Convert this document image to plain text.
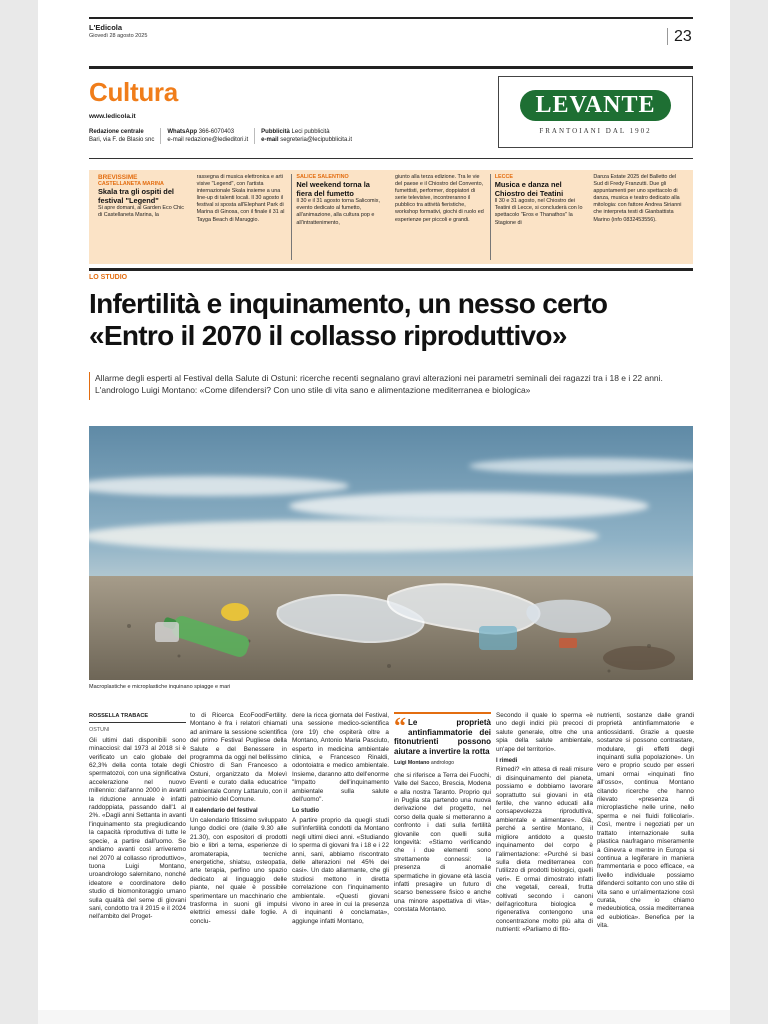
L'Edicola
Giovedì 28 agosto 2025	23
Cultura
www.ledicola.it
Redazione centrale
Bari, via F. de Blasio snc
WhatsApp 366-6070403
e-mail redazione@ledieditori.it
Pubblicità Leci pubblicità
e-mail segreteria@lecipubblicita.it
LEVANTE
FRANTOIANI DAL 1902
BREVISSIME
CASTELLANETA MARINA
Skala tra gli ospiti del festival "Legend"
Si apre domani, al Garden Eco Chic di Castellaneta Marina, la
rassegna di musica elettronica e arti visive "Legend", con l'artista internazionale Skala insieme a una line-up di talenti locali. Il 30 agosto il festival si sposta all'Elephant Park di Marina di Ginosa, con il finale il 31 al Tayga Beach di Maruggio.
SALICE SALENTINO
Nel weekend torna la fiera del fumetto
Il 30 e il 31 agosto torna Salicomix, evento dedicato al fumetto, all'animazione, alla cultura pop e all'intrattenimento,
giunto alla terza edizione. Tra le vie del paese e il Chiostro del Convento, fumettisti, performer, doppiatori di serie televisive, incontreranno il pubblico tra attività fieristiche, workshop formativi, giochi di ruolo ed esperienze per piccoli e grandi.
LECCE
Musica e danza nel Chiostro dei Teatini
Il 30 e 31 agosto, nel Chiostro dei Teatini di Lecce, si concluderà con lo spettacolo "Eros e Thanathos" la Stagione di
Danza Estate 2025 del Balletto del Sud di Fredy Franzutti. Due gli appuntamenti per uno spettacolo di danza, musica e teatro dedicato alla mitologia: con fattore Andrea Sirianni che interpreta testi di Gianbattista Marino (info 0832453556).
LO STUDIO
Infertilità e inquinamento, un nesso certo
«Entro il 2070 il collasso riproduttivo»
Allarme degli esperti al Festival della Salute di Ostuni: ricerche recenti segnalano gravi alterazioni nei parametri seminali dei ragazzi tra i 18 e i 22 anni. L'andrologo Luigi Montano: «Come difendersi? Con uno stile di vita sano e alimentazione mediterranea e biologica»
Macroplastiche e microplastiche inquinano spiagge e mari
ROSSELLA TRABACE
OSTUNI

Gli ultimi dati disponibili sono minacciosi: dal 1973 al 2018 si è verificato un calo globale del 62,3% della conta totale degli spermatozoi, con una significativa accelerazione nel nuovo millennio: dall'anno 2000 in avanti la riduzione annuale è infatti raddoppiata, passando dall'1 al 2%. «Dagli anni Settanta in avanti l'inquinamento sta pregiudicando la capacità riproduttiva di tutte le specie, a partire dall'uomo. Se andiamo avanti così arriveremo nel 2070 al collasso riproduttivo», tuona Luigi Montano, uroandrologo salernitano, nonché ideatore e coordinatore dello studio di biomonitoraggio umano sulla qualità del seme di giovani sani, condotto tra il 2015 e il 2024 nell'ambito del Proget-

to di Ricerca EcoFoodFertility. Montano è fra i relatori chiamati ad animare la sessione scientifica del primo Festival Pugliese della Salute e del Benessere in programma da oggi nel bellissimo Chiostro di San Francesco a Ostuni, organizzato da Molevì Eventi e curato dalla educatrice ambientale Conny Lattarulo, con il patrocinio del Comune.

Il calendario del festival

Un calendario fittissimo sviluppato lungo dodici ore (dalle 9.30 alle 21.30), con espositori di prodotti bio e libri a tema, esperienze di aromaterapia, tecniche energetiche, shiatsu, osteopatia, arte terapia, perfino uno spazio dedicato al linguaggio delle piante, nel quale è possibile sperimentare un macchinario che trasforma in suoni gli impulsi elettrici emessi dalle foglie. A conclu-

dere la ricca giornata del Festival, una sessione medico-scientifica (ore 19) che ospiterà oltre a Montano, Antonio Maria Pasciuto, esperto in medicina ambientale clinica, e Francesco Rinaldi, odontoiatra e medico ambientale. Insieme, daranno atto dell'enorme "Impatto dell'inquinamento ambientale sulla salute dell'uomo".

Lo studio

A partire proprio da quegli studi sull'infertilità condotti da Montano negli ultimi dieci anni. «Studiando lo sperma di giovani fra i 18 e i 22 anni, sani, abbiamo riscontrato delle alterazioni nel 45% dei casi». Un dato allarmante, che gli studiosi mettono in diretta correlazione con l'inquinamento ambientale. «Questi giovani vivono in aree in cui la presenza di inquinanti è conclamata», aggiunge infatti Montano,

“ Le proprietà antinfiammatorie dei fitonutrienti possono aiutare a invertire la rotta
Luigi Montano andrologo

che si riferisce a Terra dei Fuochi, Valle del Sacco, Brescia, Modena e alla nostra Taranto. Proprio qui in Puglia sta partendo una nuova derivazione del progetto, nel corso della quale si metteranno a confronto i dati sulla fertilità giovanile con quelli sulla longevità: «Stiamo verificando che i due elementi sono strettamente connessi: la presenza di anomalie spermatiche in giovane età lascia infatti presagire un futuro di scarso benessere fisico e anche una minore aspettativa di vita», constata Montano.

Secondo il quale lo sperma «è uno degli indici più precoci di salute generale, oltre che una spia della salute ambientale, un'ape del territorio».

I rimedi

Rimedi? «In attesa di reali misure di disinquinamento del pianeta, possiamo e dobbiamo lavorare soprattutto sui giovani in età fertile, che vanno educati alla consapevolezza riproduttiva, ambientale e alimentare». Già, perché a sentire Montano, il migliore antidoto a questo inquinamento del corpo è l'alimentazione: «Purché si basi sulla dieta mediterranea con l'utilizzo di prodotti biologici, quelli veri». E ormai dimostrato infatti che vegetali, cereali, frutta coltivati secondo i canoni dell'agricoltura biologica e rigenerativa contengono una concentrazione molto più alta di nutrienti: «Parliamo di fito-

nutrienti, sostanze dalle grandi proprietà antinfiammatorie e antiossidanti. Grazie a queste sostanze si possono contrastare, modulare, gli effetti degli inquinanti sulla popolazione». Un vero e proprio scudo per esseri umani ormai «inquinati fino all'osso», continua Montano citando ricerche che hanno rilevato «presenza di microplastiche nelle urine, nello sperma e nei fluidi follicolari». Così, mentre i negoziati per un trattato internazionale sulla plastica naufragano miseramente a Ginevra e mentre in Europa si continua a legiferare in maniera frammentaria e poco efficace, «a livello individuale possiamo difenderci soltanto con uno stile di vita sano e un'alimentazione così curata, che io chiamo medeubiotica, ossia mediterranea ed eubiotica». Benefica per la vita.
